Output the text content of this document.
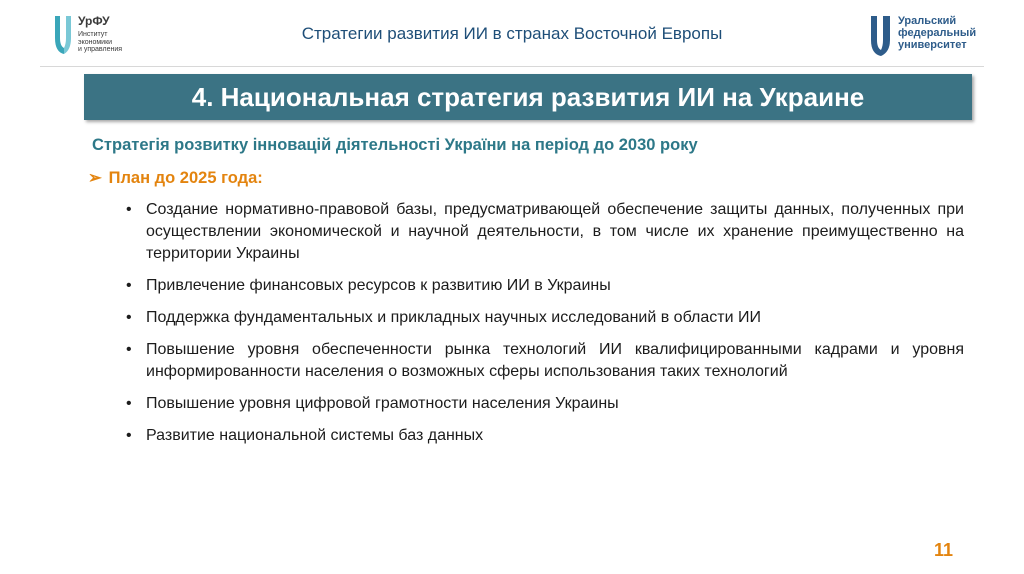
УрФУ
Институт
экономики
и управления
Стратегии развития ИИ в странах Восточной Европы
Уральский
федеральный
университет
4. Национальная стратегия развития ИИ на Украине
Стратегія розвитку інновацій діятельності України на період до 2030 року
➢ План до 2025 года:
• Создание нормативно-правовой базы, предусматривающей обеспечение защиты данных, полученных при осуществлении экономической и научной деятельности, в том числе их хранение преимущественно на территории Украины
• Привлечение финансовых ресурсов к развитию ИИ в Украины
• Поддержка фундаментальных и прикладных научных исследований в области ИИ
• Повышение уровня обеспеченности рынка технологий ИИ квалифицированными кадрами и уровня информированности населения о возможных сферы использования таких технологий
• Повышение уровня цифровой грамотности населения Украины
• Развитие национальной системы баз данных
11
